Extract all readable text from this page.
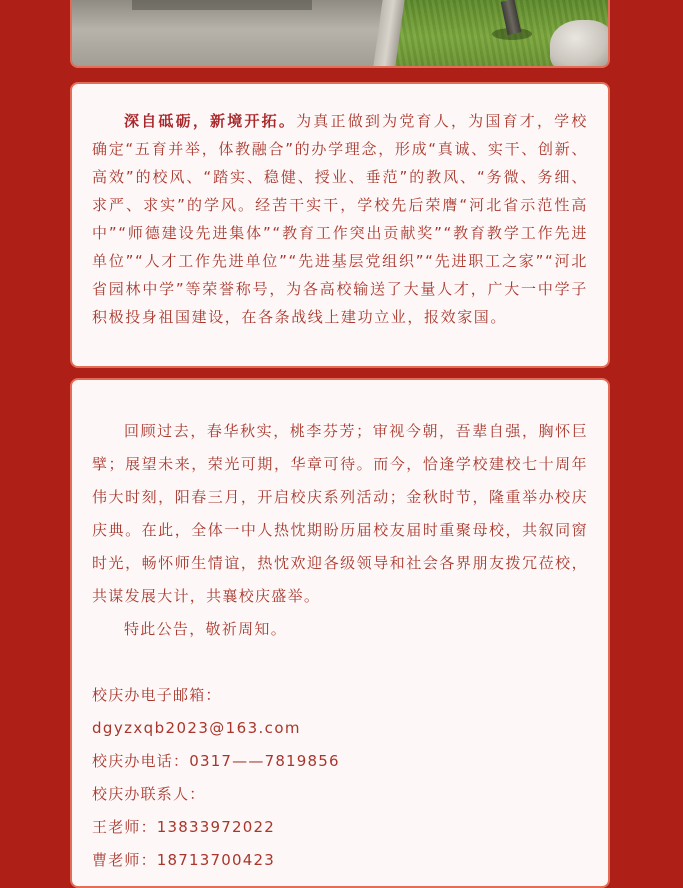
深自砥砺，新境开拓。为真正做到为党育人，为国育才，学校确定“五育并举，体教融合”的办学理念，形成“真诚、实干、创新、高效”的校风、“踏实、稳健、授业、垂范”的教风、“务微、务细、求严、求实”的学风。经苦干实干，学校先后荣膺“河北省示范性高中”“师德建设先进集体”“教育工作突出贡献奖”“教育教学工作先进单位”“人才工作先进单位”“先进基层党组织”“先进职工之家”“河北省园林中学”等荣誉称号，为各高校输送了大量人才，广大一中学子积极投身祖国建设，在各条战线上建功立业，报效家国。

回顾过去，春华秋实，桃李芬芳；审视今朝，吾辈自强，胸怀巨擘；展望未来，荣光可期，华章可待。而今，恰逢学校建校七十周年伟大时刻，阳春三月，开启校庆系列活动；金秋时节，隆重举办校庆庆典。在此，全体一中人热忱期盼历届校友届时重聚母校，共叙同窗时光，畅怀师生情谊，热忱欢迎各级领导和社会各界朋友拨冗莅校，共谋发展大计，共襄校庆盛举。

特此公告，敬祈周知。

校庆办电子邮箱：
dgyzxqb2023@163.com
校庆办电话：0317——7819856
校庆办联系人：
王老师：13833972022
曹老师：18713700423
